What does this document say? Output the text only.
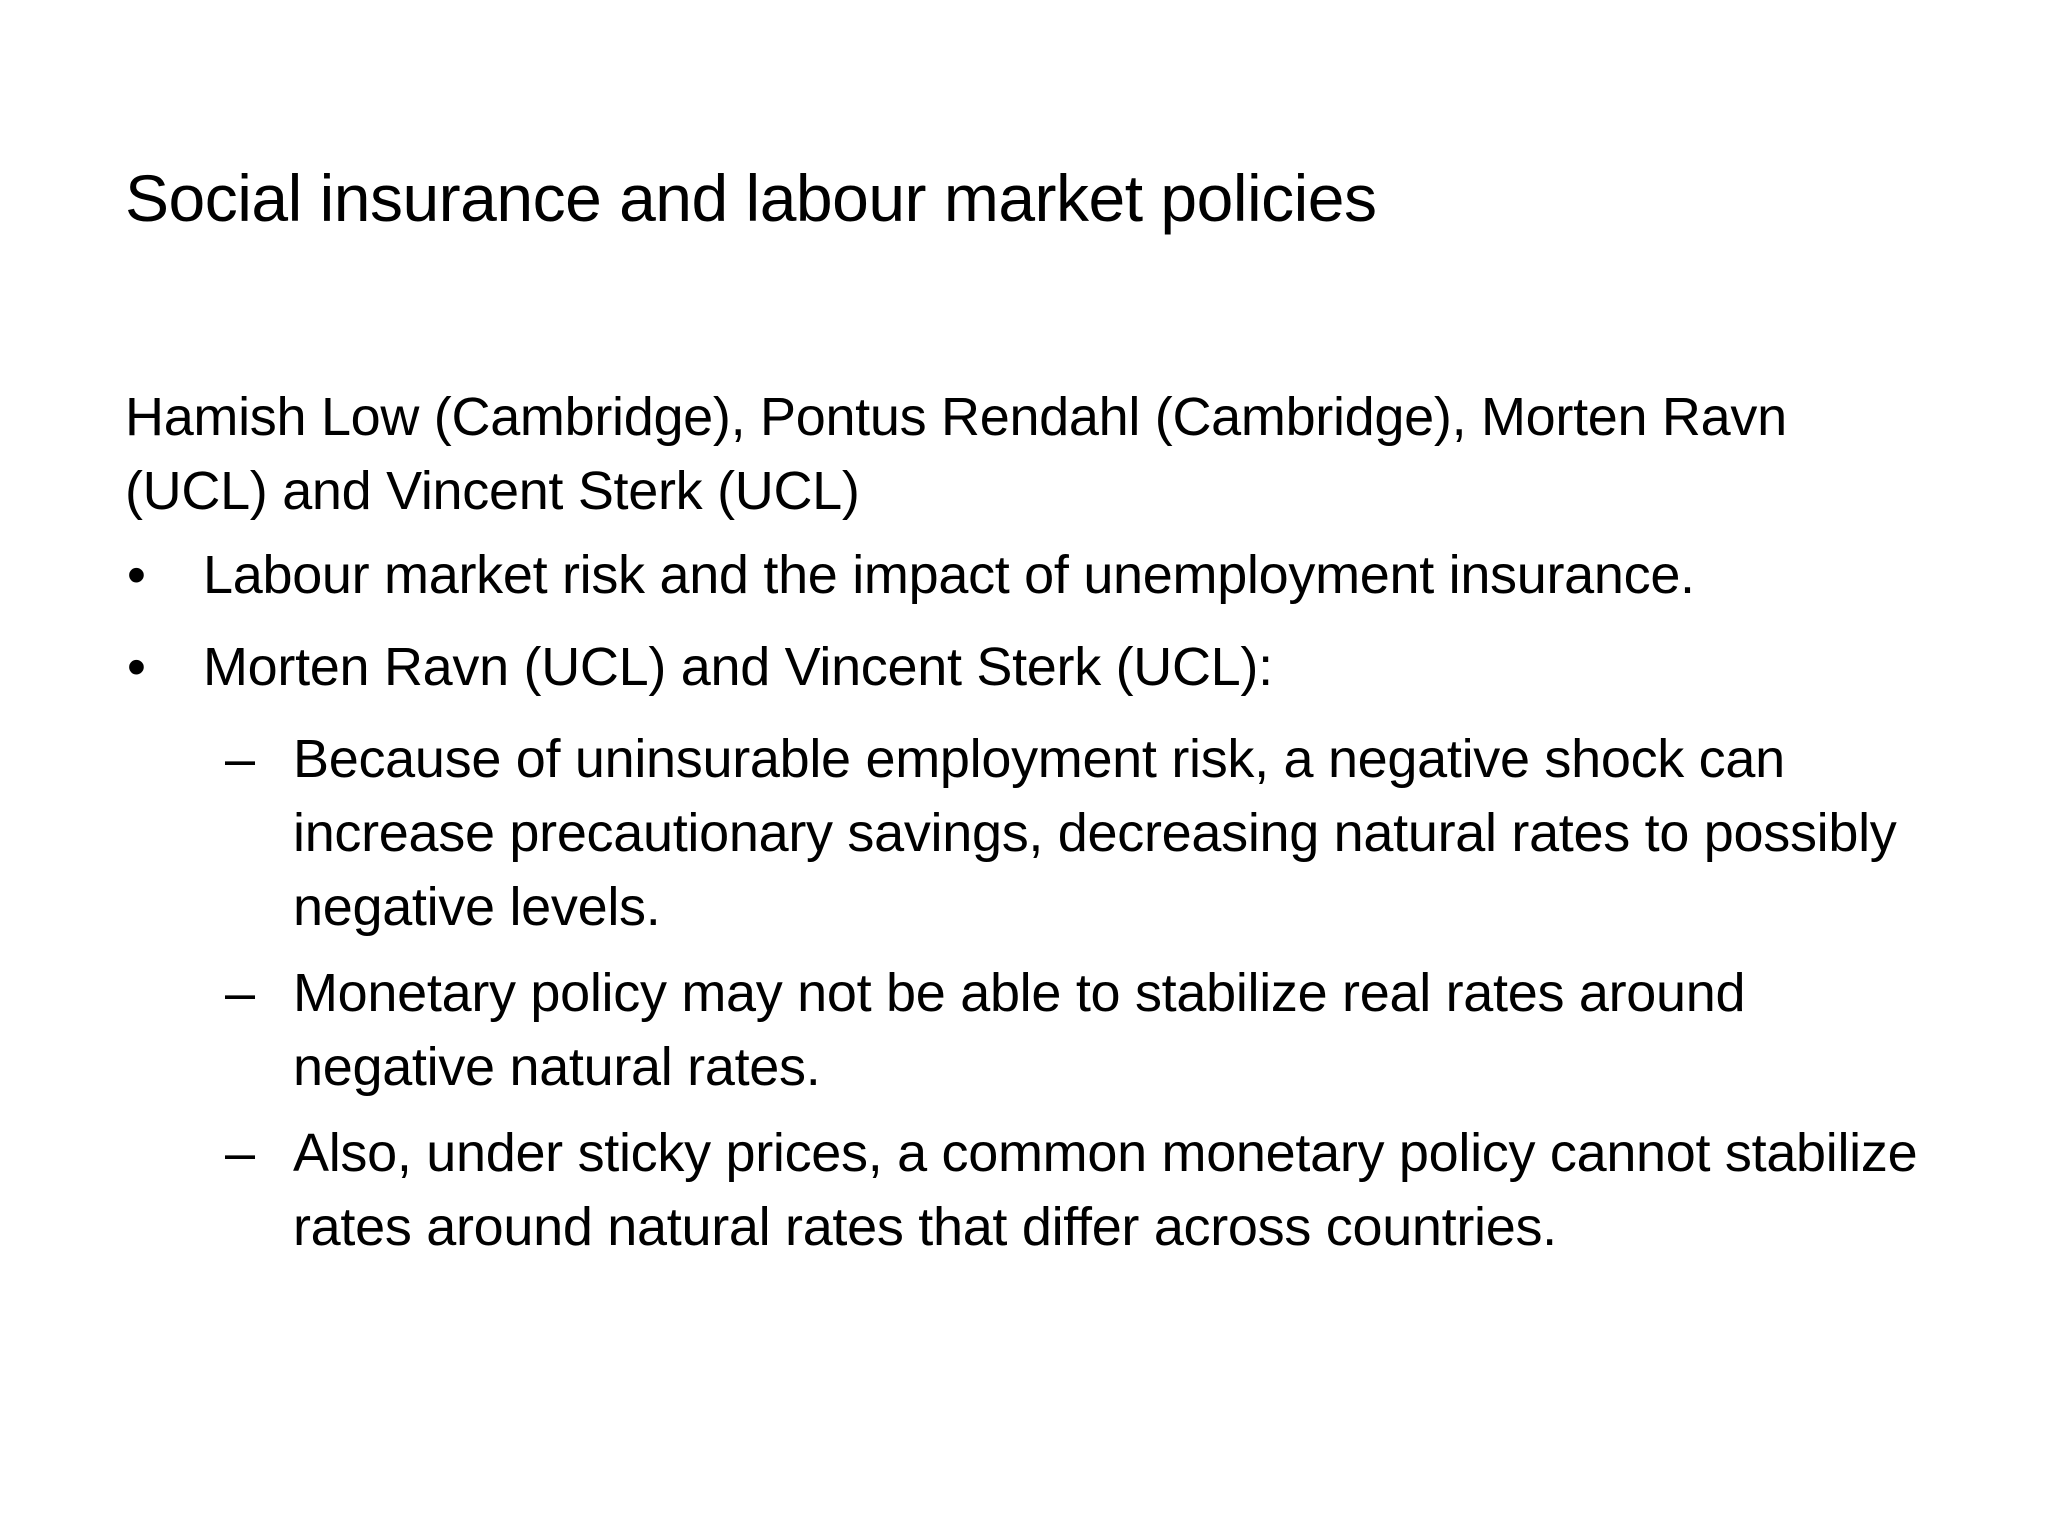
Social insurance and labour market policies
Hamish Low (Cambridge), Pontus Rendahl (Cambridge), Morten Ravn (UCL) and Vincent Sterk (UCL)
• Labour market risk and the impact of unemployment insurance.
• Morten Ravn (UCL) and Vincent Sterk (UCL):
– Because of uninsurable employment risk, a negative shock can increase precautionary savings, decreasing natural rates to possibly negative levels.
– Monetary policy may not be able to stabilize real rates around negative natural rates.
– Also, under sticky prices, a common monetary policy cannot stabilize rates around natural rates that differ across countries.
